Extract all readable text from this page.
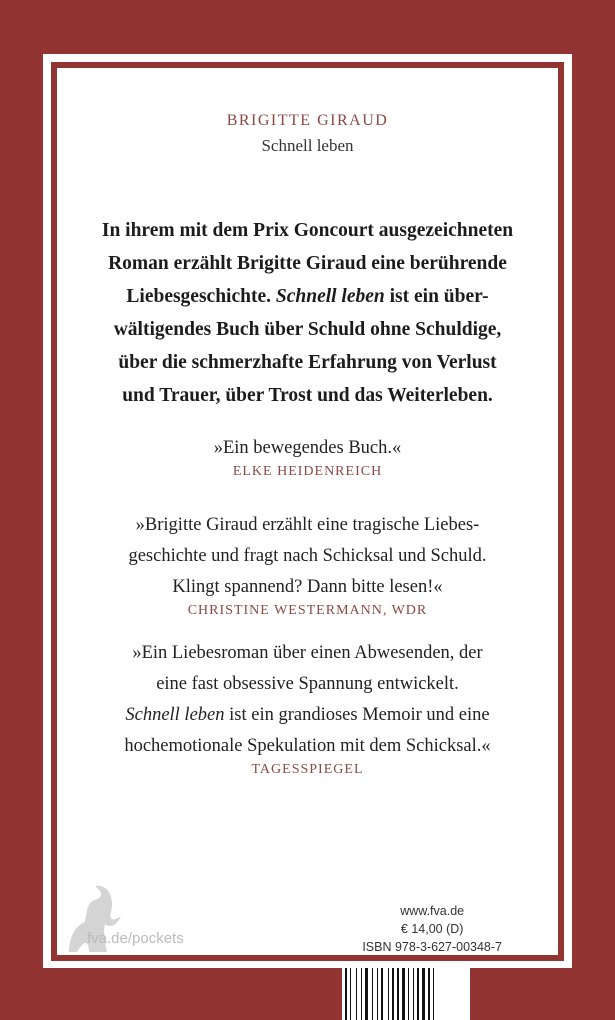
BRIGITTE GIRAUD
Schnell leben
In ihrem mit dem Prix Goncourt ausgezeichneten
Roman erzählt Brigitte Giraud eine berührende
Liebesgeschichte. Schnell leben ist ein über-
wältigendes Buch über Schuld ohne Schuldige,
über die schmerzhafte Erfahrung von Verlust
und Trauer, über Trost und das Weiterleben.
»Ein bewegendes Buch.«
ELKE HEIDENREICH
»Brigitte Giraud erzählt eine tragische Liebes-
geschichte und fragt nach Schicksal und Schuld.
Klingt spannend? Dann bitte lesen!«
CHRISTINE WESTERMANN, WDR
»Ein Liebesroman über einen Abwesenden, der
eine fast obsessive Spannung entwickelt.
Schnell leben ist ein grandioses Memoir und eine
hochemotionale Spekulation mit dem Schicksal.«
TAGESSPIEGEL
fva.de/pockets
www.fva.de
€ 14,00 (D)
ISBN 978-3-627-00348-7
